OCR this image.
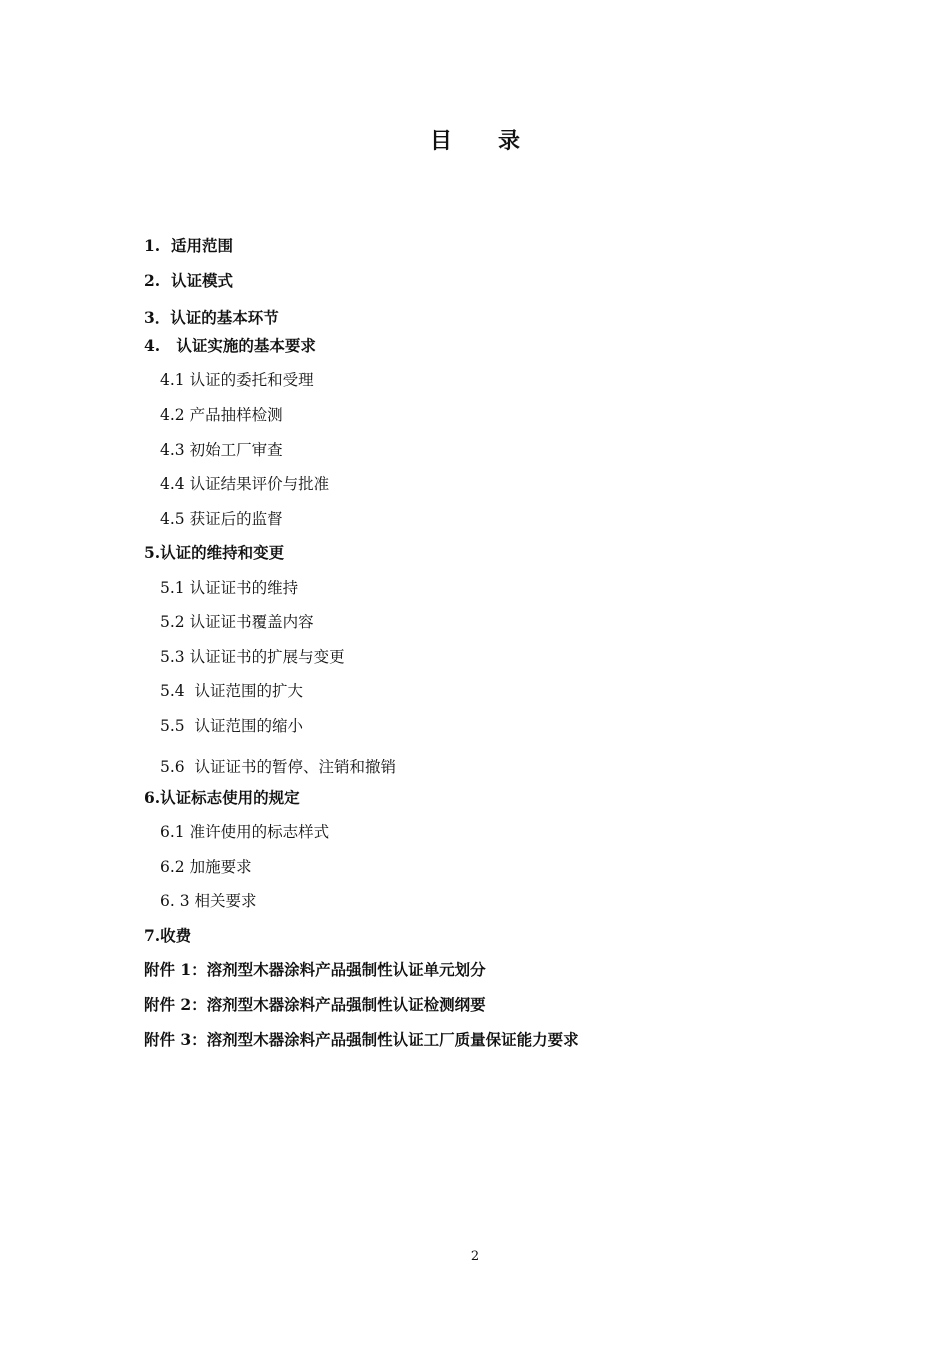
目      录
1.  适用范围
2.  认证模式
3．认证的基本环节
4.   认证实施的基本要求
4.1 认证的委托和受理
4.2 产品抽样检测
4.3 初始工厂审查
4.4 认证结果评价与批准
4.5 获证后的监督
5.认证的维持和变更
5.1 认证证书的维持
5.2 认证证书覆盖内容
5.3 认证证书的扩展与变更
5.4  认证范围的扩大
5.5  认证范围的缩小
5.6  认证证书的暂停、注销和撤销
6.认证标志使用的规定
6.1 准许使用的标志样式
6.2 加施要求
6. 3 相关要求
7.收费
附件 1：溶剂型木器涂料产品强制性认证单元划分
附件 2：溶剂型木器涂料产品强制性认证检测纲要
附件 3：溶剂型木器涂料产品强制性认证工厂质量保证能力要求
2
